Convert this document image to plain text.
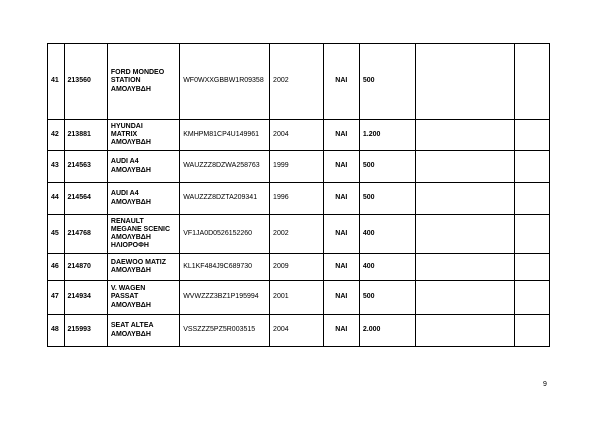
41	213560	FORD MONDEO
STATION
ΑΜΟΛΥΒΔΗ	WF0WXXGBBW1R09358	2002	ΝΑΙ	500		
42	213881	HYUNDAI
MATRIX
ΑΜΟΛΥΒΔΗ	KMHPM81CP4U149961	2004	ΝΑΙ	1.200		
43	214563	AUDI A4
ΑΜΟΛΥΒΔΗ	WAUZZZ8DZWA258763	1999	ΝΑΙ	500		
44	214564	AUDI A4
ΑΜΟΛΥΒΔΗ	WAUZZZ8DZTA209341	1996	ΝΑΙ	500		
45	214768	RENAULT
MEGANE SCENIC
ΑΜΟΛΥΒΔΗ
ΗΛΙΟΡΟΦΗ	VF1JA0D0526152260	2002	ΝΑΙ	400		
46	214870	DAEWOO MATIZ
ΑΜΟΛΥΒΔΗ	KL1KF484J9C689730	2009	ΝΑΙ	400		
47	214934	V. WAGEN
PASSAT
ΑΜΟΛΥΒΔΗ	WVWZZZ3BZ1P195994	2001	ΝΑΙ	500		
48	215993	SEAT ALTEA
ΑΜΟΛΥΒΔΗ	VSSZZZ5PZ5R003515	2004	ΝΑΙ	2.000		
9
